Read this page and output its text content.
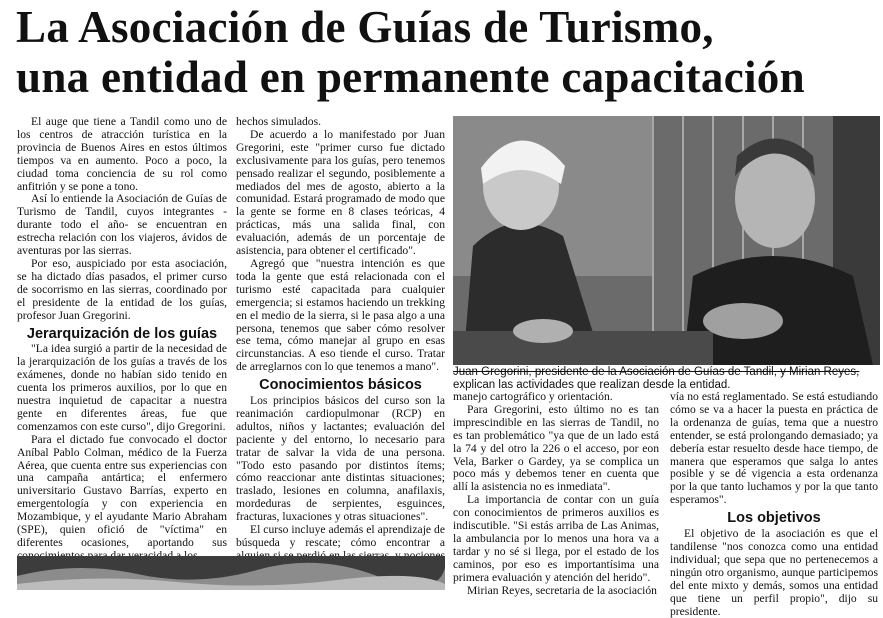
La Asociación de Guías de Turismo,
una entidad en permanente capacitación

El auge que tiene a Tandil como uno de los centros de atracción turística en la provincia de Buenos Aires en estos últimos tiempos va en aumento. Poco a poco, la ciudad toma conciencia de su rol como anfitrión y se pone a tono.

Así lo entiende la Asociación de Guías de Turismo de Tandil, cuyos integrantes - durante todo el año- se encuentran en estrecha relación con los viajeros, ávidos de aventuras por las sierras.

Por eso, auspiciado por esta asociación, se ha dictado días pasados, el primer curso de socorrismo en las sierras, coordinado por el presidente de la entidad de los guías, profesor Juan Gregorini.

Jerarquización de los guías

"La idea surgió a partir de la necesidad de la jerarquización de los guías a través de los exámenes, donde no habían sido tenido en cuenta los primeros auxilios, por lo que en nuestra inquietud de capacitar a nuestra gente en diferentes áreas, fue que comenzamos con este curso", dijo Gregorini.

Para el dictado fue convocado el doctor Aníbal Pablo Colman, médico de la Fuerza Aérea, que cuenta entre sus experiencias con una campaña antártica; el enfermero universitario Gustavo Barrías, experto en emergentología y con experiencia en Mozambique, y el ayudante Mario Abraham (SPE), quien ofició de "víctima" en diferentes ocasiones, aportando sus

hechos simulados.

De acuerdo a lo manifestado por Juan Gregorini, este "primer curso fue dictado exclusivamente para los guías, pero tenemos pensado realizar el segundo, posiblemente a mediados del mes de agosto, abierto a la comunidad. Estará programado de modo que la gente se forme en 8 clases teóricas, 4 prácticas, más una salida final, con evaluación, además de un porcentaje de asistencia, para obtener el certificado".

Agregó que "nuestra intención es que toda la gente que está relacionada con el turismo esté capacitada para cualquier emergencia; si estamos haciendo un trekking en el medio de la sierra, si le pasa algo a una persona, tenemos que saber cómo resolver ese tema, cómo manejar al grupo en esas circunstancias. A eso tiende el curso. Tratar de arreglarnos con lo que tenemos a mano".

Conocimientos básicos

Los principios básicos del curso son la reanimación cardiopulmonar (RCP) en adultos, niños y lactantes; evaluación del paciente y del entorno, lo necesario para tratar de salvar la vida de una persona. "Todo esto pasando por distintos ítems; cómo reaccionar ante distintas situaciones; traslado, lesiones en columna, anafilaxis, mordeduras de serpientes, esguinces, fracturas, luxaciones y otras situaciones".

El curso incluye además el aprendizaje de búsqueda y rescate; cómo encontrar a

Juan Gregorini, presidente de la Asociación de Guías de Tandil, y Mirian Reyes, explican las actividades que realizan desde la entidad.

manejo cartográfico y orientación.

Para Gregorini, esto último no es tan imprescindible en las sierras de Tandil, no es tan problemático "ya que de un lado está la 74 y del otro la 226 o el acceso, por eon Vela, Barker o Gardey, ya se complica un poco más y debemos tener en cuenta que allí la asistencia no es inmediata".

La importancia de contar con un guía con conocimientos de primeros auxilios es indiscutible. "Si estás arriba de Las Animas, la ambulancia por lo menos una hora va a tardar y no sé si llega, por el estado de los caminos, por eso es importantísima una primera evaluación y atención del herido".

Mirian Reyes, secretaria de la asociación

vía no está reglamentado. Se está estudiando cómo se va a hacer la puesta en práctica de la ordenanza de guías, tema que a nuestro entender, se está prolongando demasiado; ya debería estar resuelto desde hace tiempo, de manera que esperamos que salga lo antes posible y se dé vigencia a esta ordenanza por la que tanto luchamos y por la que tanto esperamos".

Los objetivos

El objetivo de la asociación es que el tandilense "nos conozca como una entidad individual; que sepa que no pertenecemos a ningún otro organismo, aunque participemos del ente mixto y demás, somos una entidad que tiene un perfil propio", dijo su presidente.
